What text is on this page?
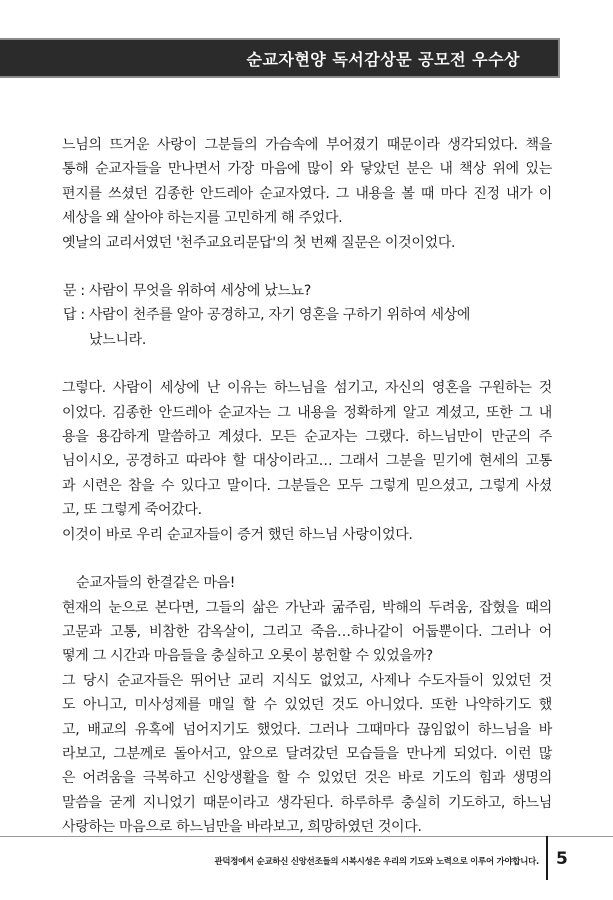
순교자현양 독서감상문 공모전 우수상
느님의 뜨거운 사랑이 그분들의 가슴속에 부어졌기 때문이라 생각되었다. 책을
통해 순교자들을 만나면서 가장 마음에 많이 와 닿았던 분은 내 책상 위에 있는
편지를 쓰셨던 김종한 안드레아 순교자였다. 그 내용을 볼 때 마다 진정 내가 이
세상을 왜 살아야 하는지를 고민하게 해 주었다.
옛날의 교리서였던 '천주교요리문답'의 첫 번째 질문은 이것이었다.
문 : 사람이 무엇을 위하여 세상에 났느뇨?
답 : 사람이 천주를 알아 공경하고, 자기 영혼을 구하기 위하여 세상에
났느니라.
그렇다. 사람이 세상에 난 이유는 하느님을 섬기고, 자신의 영혼을 구원하는 것
이었다. 김종한 안드레아 순교자는 그 내용을 정확하게 알고 계셨고, 또한 그 내
용을 용감하게 말씀하고 계셨다. 모든 순교자는 그랬다. 하느님만이 만군의 주
님이시오, 공경하고 따라야 할 대상이라고… 그래서 그분을 믿기에 현세의 고통
과 시련은 참을 수 있다고 말이다. 그분들은 모두 그렇게 믿으셨고, 그렇게 사셨
고, 또 그렇게 죽어갔다.
이것이 바로 우리 순교자들이 증거 했던 하느님 사랑이었다.
순교자들의 한결같은 마음!
현재의 눈으로 본다면, 그들의 삶은 가난과 굶주림, 박해의 두려움, 잡혔을 때의
고문과 고통, 비참한 감옥살이, 그리고 죽음…하나같이 어둡뿐이다. 그러나 어
떻게 그 시간과 마음들을 충실하고 오롯이 봉헌할 수 있었을까?
그 당시 순교자들은 뛰어난 교리 지식도 없었고, 사제나 수도자들이 있었던 것
도 아니고, 미사성제를 매일 할 수 있었던 것도 아니었다. 또한 나약하기도 했
고, 배교의 유혹에 넘어지기도 했었다. 그러나 그때마다 끊임없이 하느님을 바
라보고, 그분께로 돌아서고, 앞으로 달려갔던 모습들을 만나게 되었다. 이런 많
은 어려움을 극복하고 신앙생활을 할 수 있었던 것은 바로 기도의 힘과 생명의
말씀을 굳게 지니었기 때문이라고 생각된다. 하루하루 충실히 기도하고, 하느님
사랑하는 마음으로 하느님만을 바라보고, 희망하였던 것이다.
관덕정에서 순교하신 신앙선조들의 시복시성은 우리의 기도와 노력으로 이루어 가야합니다. 5
